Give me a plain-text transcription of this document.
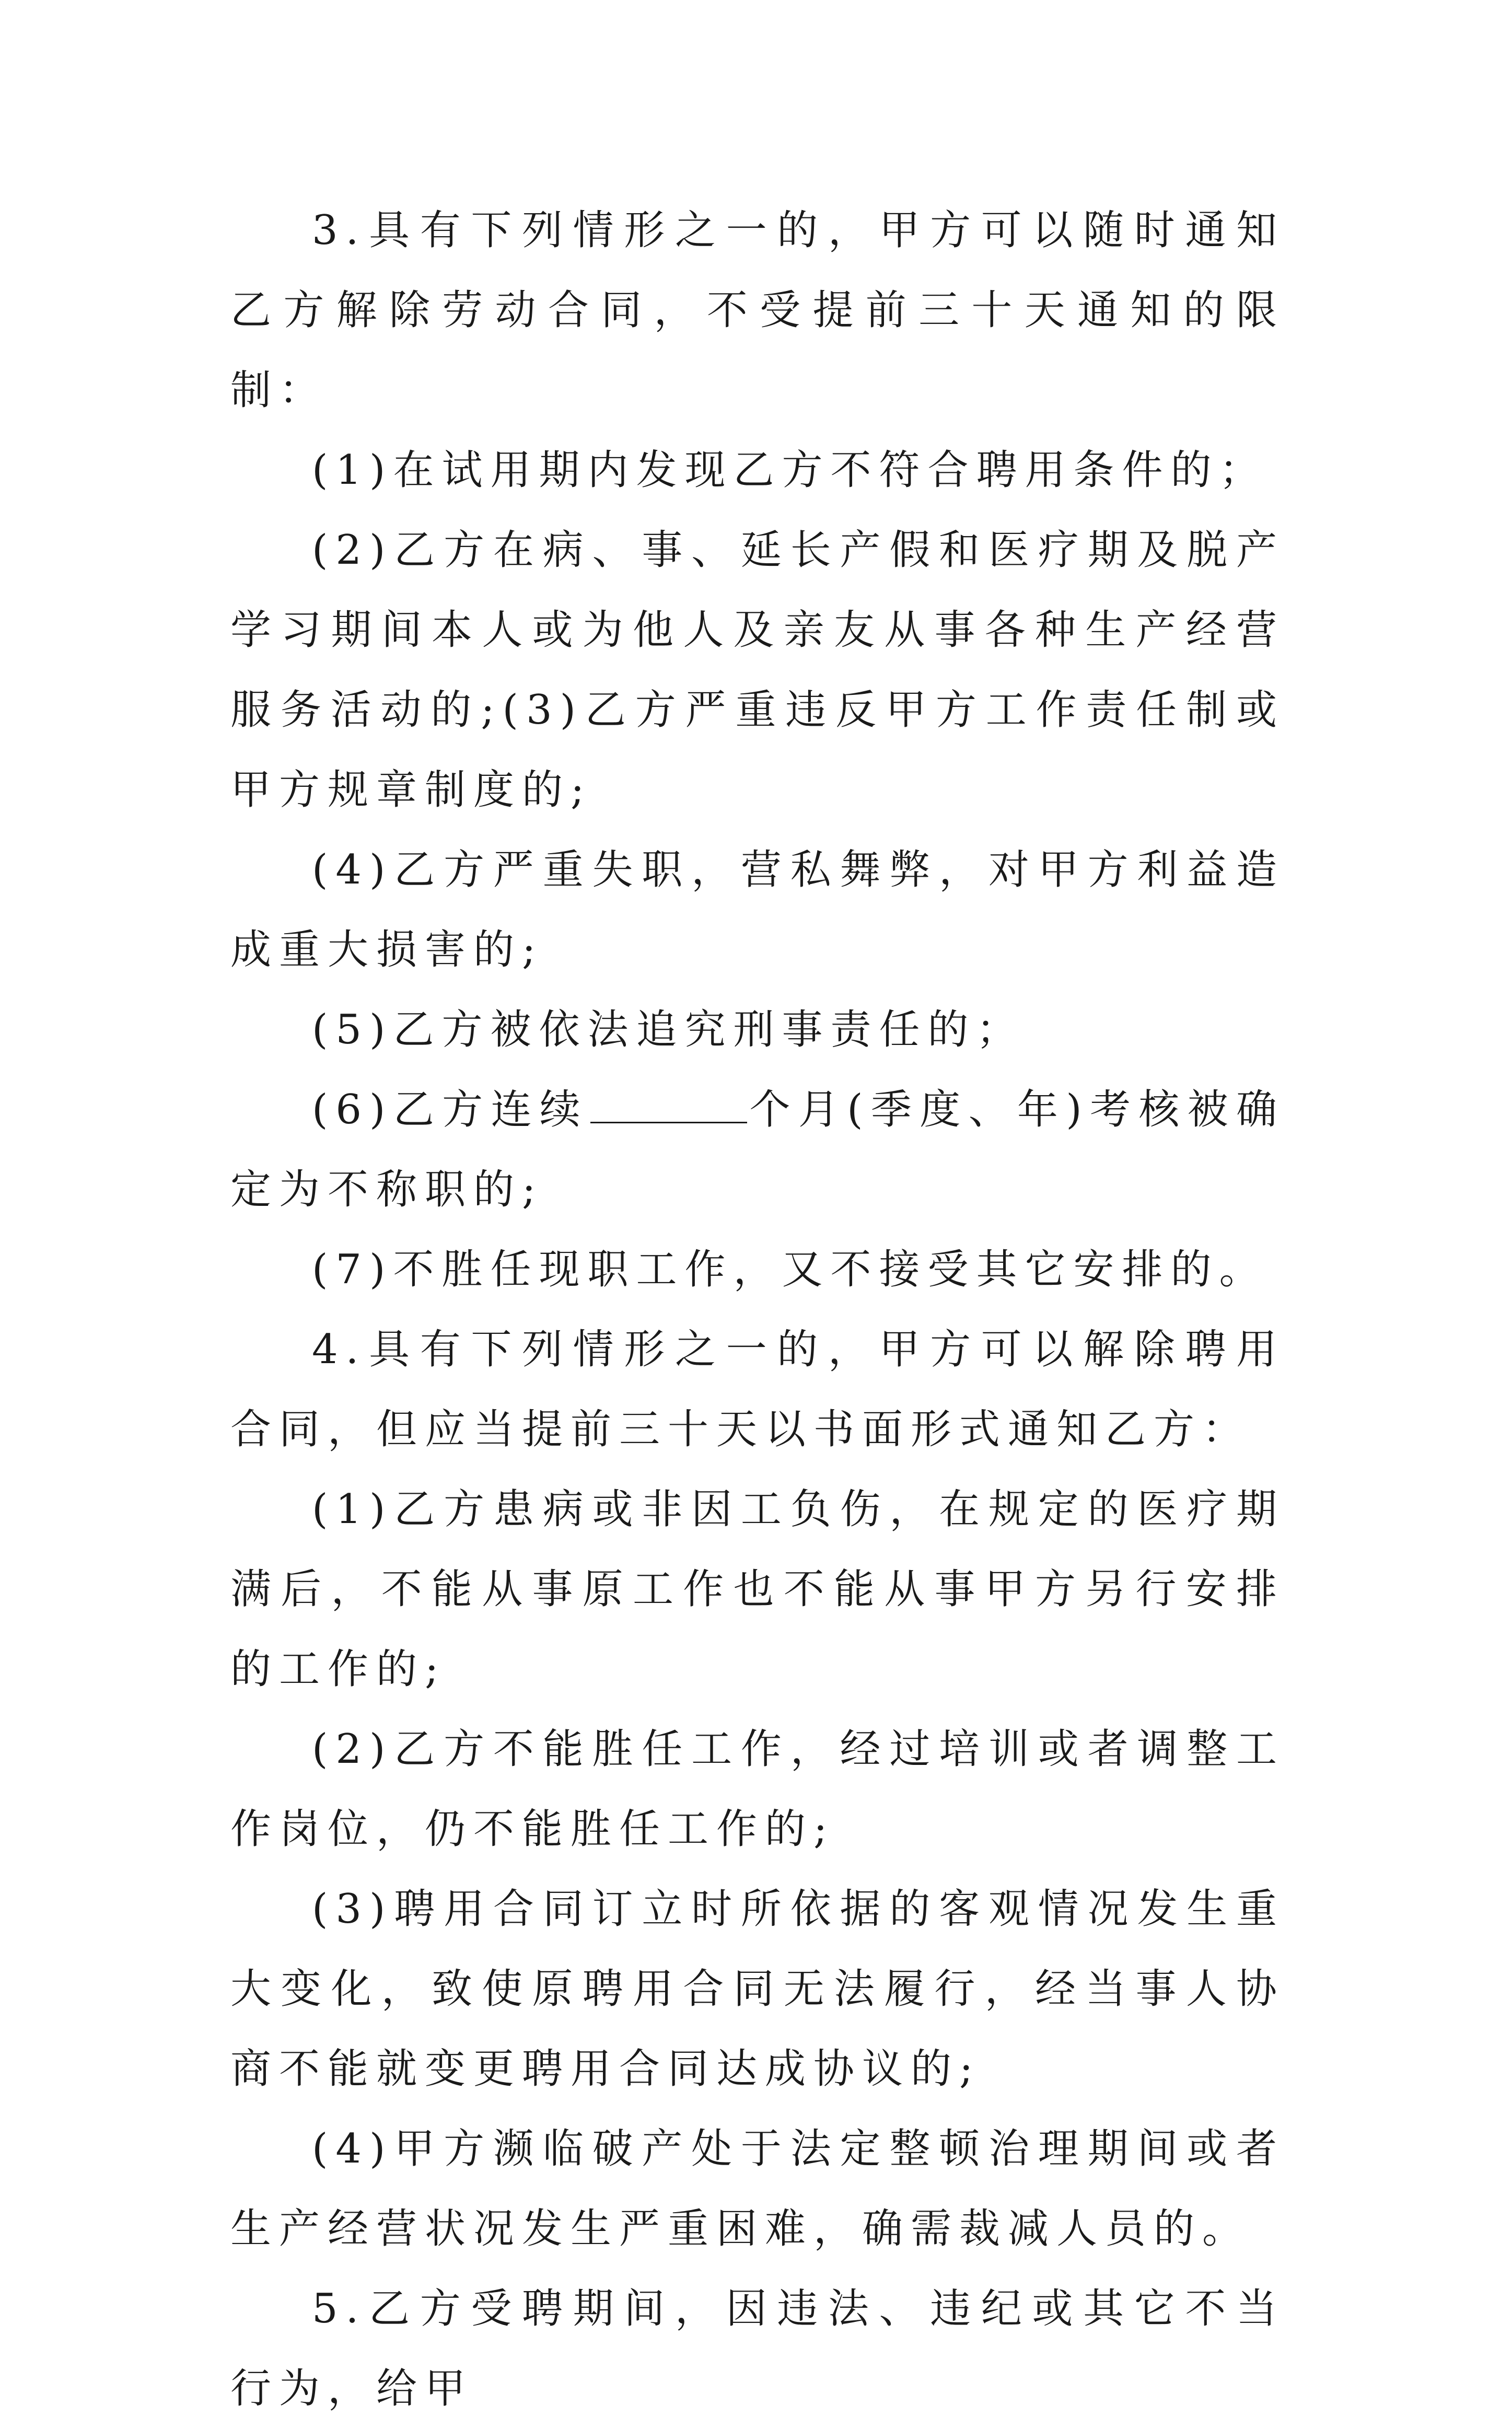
3.具有下列情形之一的，甲方可以随时通知乙方解除劳动合同，不受提前三十天通知的限制：

(1)在试用期内发现乙方不符合聘用条件的；

(2)乙方在病、事、延长产假和医疗期及脱产学习期间本人或为他人及亲友从事各种生产经营服务活动的;(3)乙方严重违反甲方工作责任制或甲方规章制度的;

(4)乙方严重失职，营私舞弊，对甲方利益造成重大损害的;

(5)乙方被依法追究刑事责任的；

(6)乙方连续	个月(季度、年)考核被确定为不称职的;

(7)不胜任现职工作，又不接受其它安排的。

4.具有下列情形之一的，甲方可以解除聘用合同，但应当提前三十天以书面形式通知乙方：

(1)乙方患病或非因工负伤，在规定的医疗期满后，不能从事原工作也不能从事甲方另行安排的工作的;

(2)乙方不能胜任工作，经过培训或者调整工作岗位，仍不能胜任工作的;

(3)聘用合同订立时所依据的客观情况发生重大变化，致使原聘用合同无法履行，经当事人协商不能就变更聘用合同达成协议的;

(4)甲方濒临破产处于法定整顿治理期间或者生产经营状况发生严重困难，确需裁减人员的。

5.乙方受聘期间，因违法、违纪或其它不当行为，给甲
